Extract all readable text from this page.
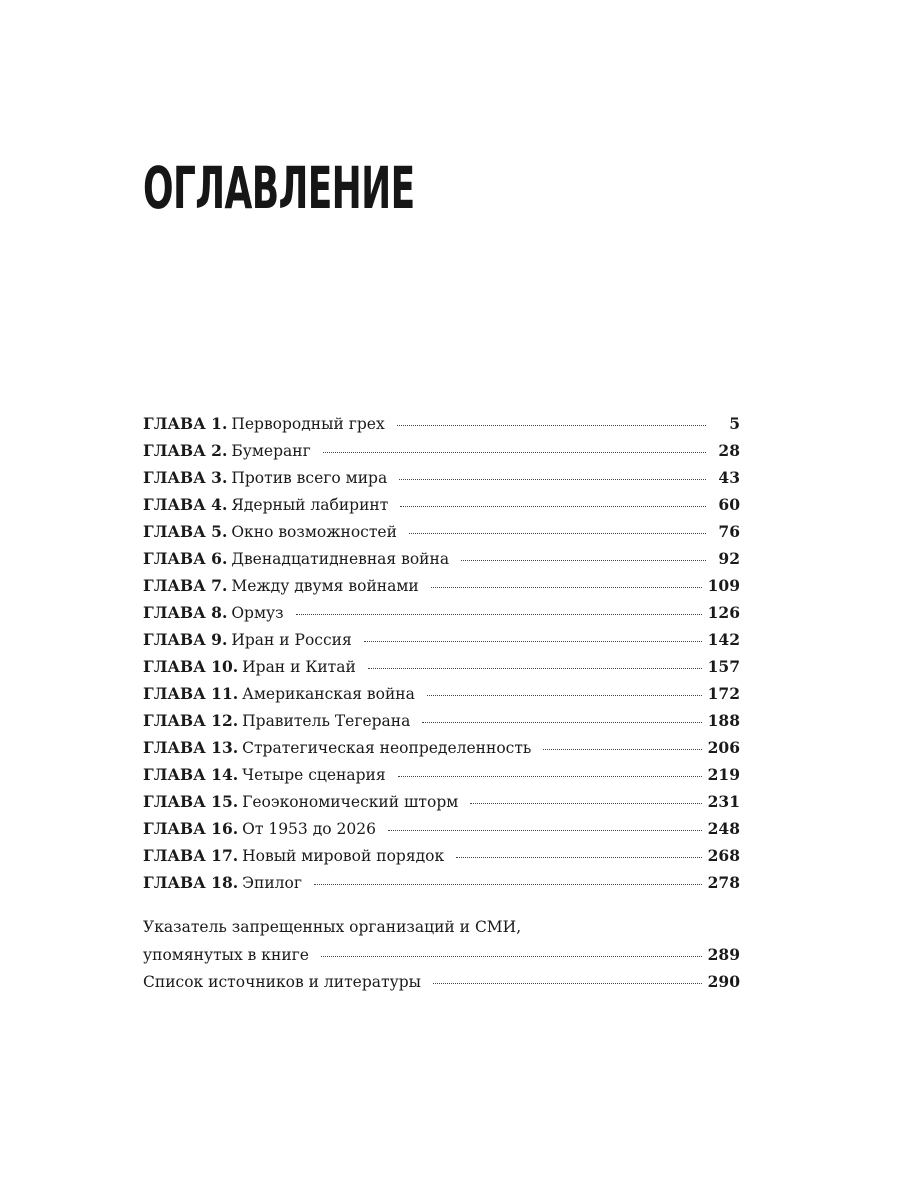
ОГЛАВЛЕНИЕ
ГЛАВА 1. Первородный грех	5
ГЛАВА 2. Бумеранг	28
ГЛАВА 3. Против всего мира	43
ГЛАВА 4. Ядерный лабиринт	60
ГЛАВА 5. Окно возможностей	76
ГЛАВА 6. Двенадцатидневная война	92
ГЛАВА 7. Между двумя войнами	109
ГЛАВА 8. Ормуз	126
ГЛАВА 9. Иран и Россия	142
ГЛАВА 10. Иран и Китай	157
ГЛАВА 11. Американская война	172
ГЛАВА 12. Правитель Тегерана	188
ГЛАВА 13. Стратегическая неопределенность	206
ГЛАВА 14. Четыре сценария	219
ГЛАВА 15. Геоэкономический шторм	231
ГЛАВА 16. От 1953 до 2026	248
ГЛАВА 17. Новый мировой порядок	268
ГЛАВА 18. Эпилог	278
Указатель запрещенных организаций и СМИ,
упомянутых в книге	289
Список источников и литературы	290
